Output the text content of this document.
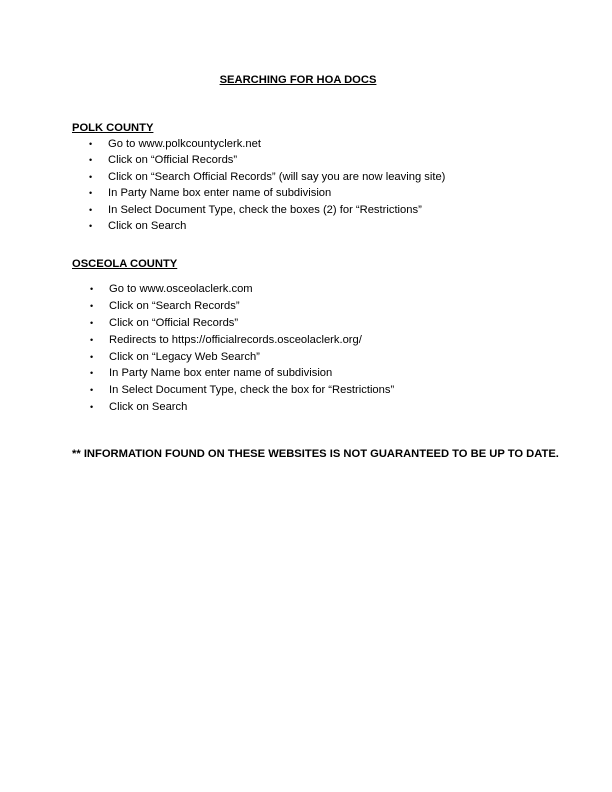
SEARCHING FOR HOA DOCS
POLK COUNTY
• Go to www.polkcountyclerk.net
• Click on “Official Records”
• Click on “Search Official Records” (will say you are now leaving site)
• In Party Name box enter name of subdivision
• In Select Document Type, check the boxes (2) for “Restrictions”
• Click on Search
OSCEOLA COUNTY
• Go to www.osceolaclerk.com
• Click on “Search Records”
• Click on “Official Records”
• Redirects to https://officialrecords.osceolaclerk.org/
• Click on “Legacy Web Search”
• In Party Name box enter name of subdivision
• In Select Document Type, check the box for “Restrictions”
• Click on Search
** INFORMATION FOUND ON THESE WEBSITES IS NOT GUARANTEED TO BE UP TO DATE.
